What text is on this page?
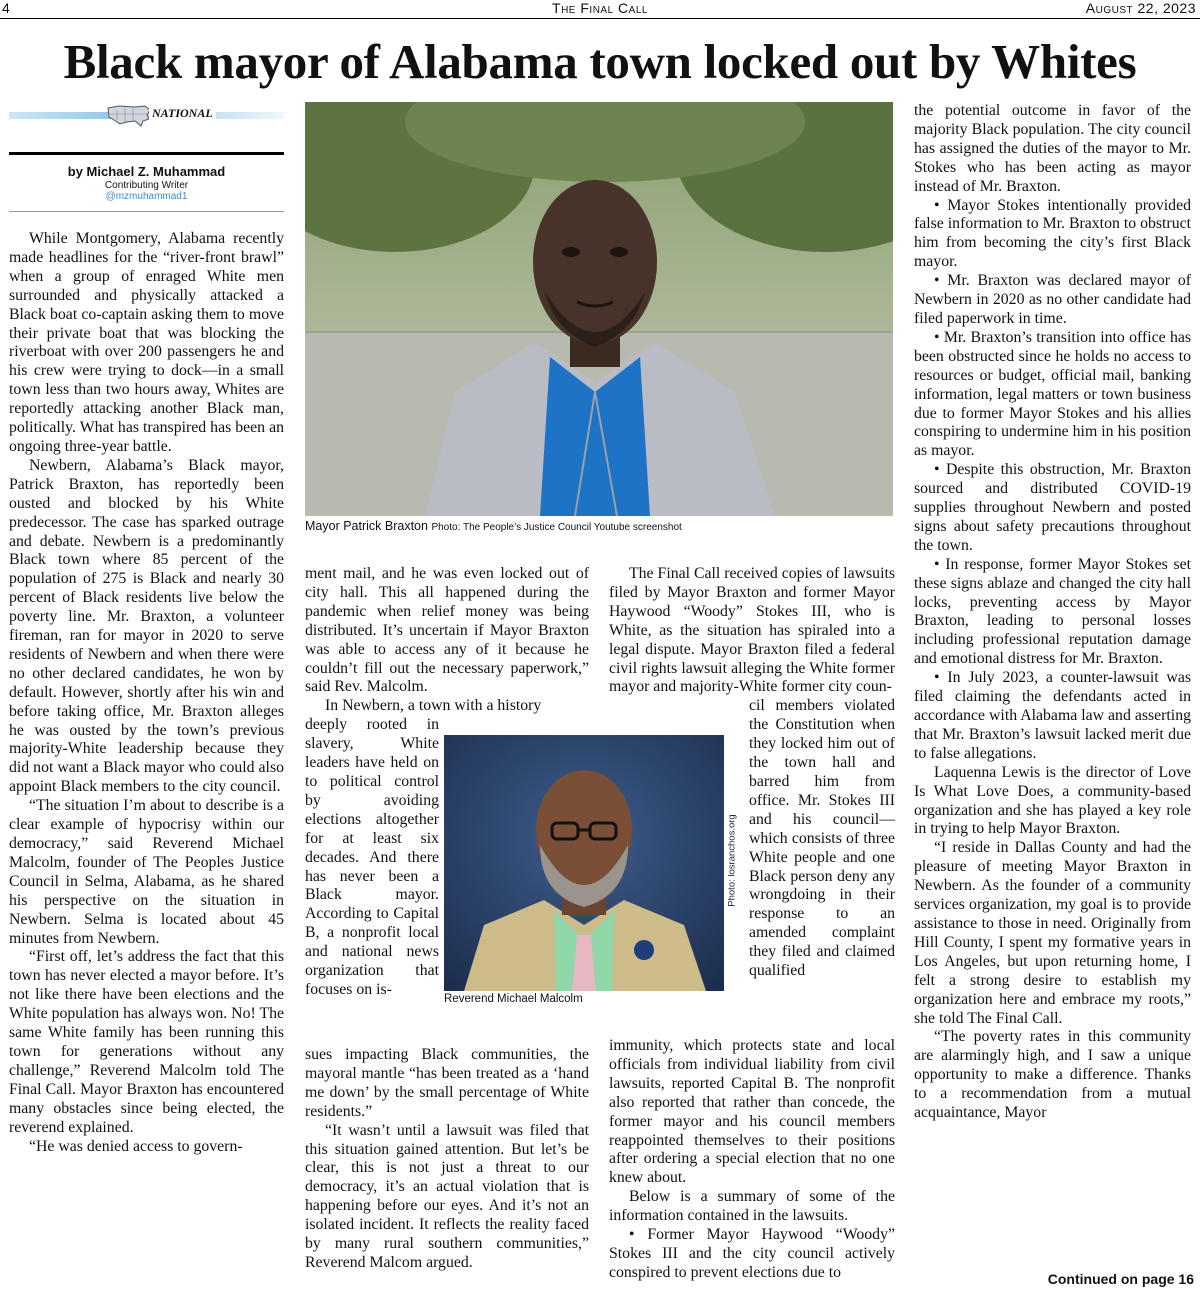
4	The Final Call	August 22, 2023
Black mayor of Alabama town locked out by Whites
NATIONAL
by Michael Z. Muhammad
Contributing Writer
@mzmuhammad1

While Montgomery, Alabama recently made headlines for the “river-front brawl” when a group of enraged White men surrounded and physically attacked a Black boat co-captain asking them to move their private boat that was blocking the riverboat with over 200 passengers he and his crew were trying to dock—in a small town less than two hours away, Whites are reportedly attacking another Black man, politically. What has transpired has been an ongoing three-year battle.

Newbern, Alabama’s Black mayor, Patrick Braxton, has reportedly been ousted and blocked by his White predecessor. The case has sparked outrage and debate. Newbern is a predominantly Black town where 85 percent of the population of 275 is Black and nearly 30 percent of Black residents live below the poverty line. Mr. Braxton, a volunteer fireman, ran for mayor in 2020 to serve residents of Newbern and when there were no other declared candidates, he won by default. However, shortly after his win and before taking office, Mr. Braxton alleges he was ousted by the town’s previous majority-White leadership because they did not want a Black mayor who could also appoint Black members to the city council.

“The situation I’m about to describe is a clear example of hypocrisy within our democracy,” said Reverend Michael Malcolm, founder of The Peoples Justice Council in Selma, Alabama, as he shared his perspective on the situation in Newbern. Selma is located about 45 minutes from Newbern.

“First off, let’s address the fact that this town has never elected a mayor before. It’s not like there have been elections and the White population has always won. No! The same White family has been running this town for generations without any challenge,” Reverend Malcolm told The Final Call. Mayor Braxton has encountered many obstacles since being elected, the reverend explained.

“He was denied access to govern-

Mayor Patrick Braxton Photo: The People’s Justice Council Youtube screenshot

ment mail, and he was even locked out of city hall. This all happened during the pandemic when relief money was being distributed. It’s uncertain if Mayor Braxton was able to access any of it because he couldn’t fill out the necessary paperwork,” said Rev. Malcolm.

In Newbern, a town with a history

deeply rooted in slavery, White leaders have held on to political control by avoiding elections altogether for at least six decades. And there has never been a Black mayor. According to Capital B, a nonprofit local and national news organization that focuses on is-

sues impacting Black communities, the mayoral mantle “has been treated as a ‘hand me down’ by the small percentage of White residents.”

“It wasn’t until a lawsuit was filed that this situation gained attention. But let’s be clear, this is not just a threat to our democracy, it’s an actual violation that is happening before our eyes. And it’s not an isolated incident. It reflects the reality faced by many rural southern communities,” Reverend Malcom argued.

The Final Call received copies of lawsuits filed by Mayor Braxton and former Mayor Haywood “Woody” Stokes III, who is White, as the situation has spiraled into a legal dispute. Mayor Braxton filed a federal civil rights lawsuit alleging the White former mayor and majority-White former city coun-

cil members violated the Constitution when they locked him out of the town hall and barred him from office. Mr. Stokes III and his council—which consists of three White people and one Black person deny any wrongdoing in their response to an amended complaint they filed and claimed qualified

immunity, which protects state and local officials from individual liability from civil lawsuits, reported Capital B. The nonprofit also reported that rather than concede, the former mayor and his council members reappointed themselves to their positions after ordering a special election that no one knew about.

Below is a summary of some of the information contained in the lawsuits.

• Former Mayor Haywood “Woody” Stokes III and the city council actively conspired to prevent elections due to

Photo: losranchos.org
Reverend Michael Malcolm

the potential outcome in favor of the majority Black population. The city council has assigned the duties of the mayor to Mr. Stokes who has been acting as mayor instead of Mr. Braxton.

• Mayor Stokes intentionally provided false information to Mr. Braxton to obstruct him from becoming the city’s first Black mayor.

• Mr. Braxton was declared mayor of Newbern in 2020 as no other candidate had filed paperwork in time.

• Mr. Braxton’s transition into office has been obstructed since he holds no access to resources or budget, official mail, banking information, legal matters or town business due to former Mayor Stokes and his allies conspiring to undermine him in his position as mayor.

• Despite this obstruction, Mr. Braxton sourced and distributed COVID-19 supplies throughout Newbern and posted signs about safety precautions throughout the town.

• In response, former Mayor Stokes set these signs ablaze and changed the city hall locks, preventing access by Mayor Braxton, leading to personal losses including professional reputation damage and emotional distress for Mr. Braxton.

• In July 2023, a counter-lawsuit was filed claiming the defendants acted in accordance with Alabama law and asserting that Mr. Braxton’s lawsuit lacked merit due to false allegations.

Laquenna Lewis is the director of Love Is What Love Does, a community-based organization and she has played a key role in trying to help Mayor Braxton.

“I reside in Dallas County and had the pleasure of meeting Mayor Braxton in Newbern. As the founder of a community services organization, my goal is to provide assistance to those in need. Originally from Hill County, I spent my formative years in Los Angeles, but upon returning home, I felt a strong desire to establish my organization here and embrace my roots,” she told The Final Call.

“The poverty rates in this community are alarmingly high, and I saw a unique opportunity to make a difference. Thanks to a recommendation from a mutual acquaintance, Mayor

Continued on page 16
